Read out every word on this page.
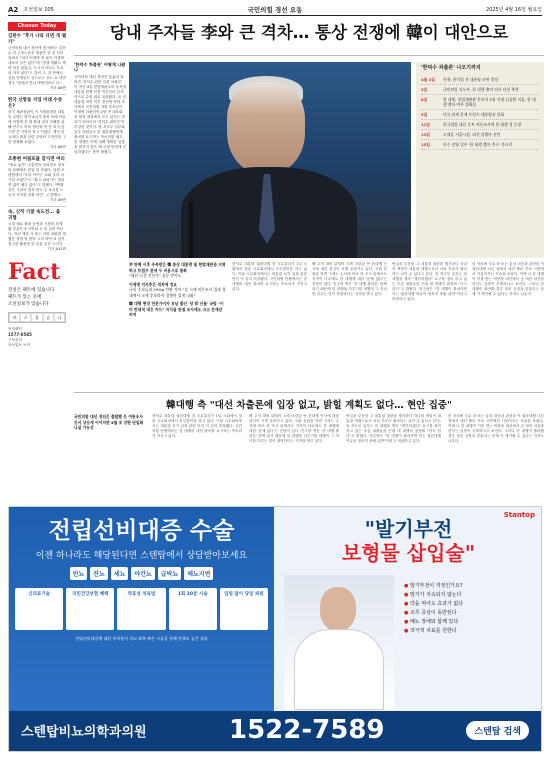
A2 조선일보 105	국민의힘 경선 요동	2025년 4월 16일 월요일
Chosun Today
김판수 "후가 나라 다면 개 웹가"
국민의힘 대선 경선에 참 예비는 김문수 전 고용노동부 장관은 한 및 인터뷰에서 "내가 이재명 만 둘이 이재명 대표의 일은 없다"며 "경쟁 생활도 책 바 하지 않았고, 도시서 보다도 부끄러 하지 않다"고 말씨 고, 과 만에서 상한 인재임도 것으로는 요트 요 하면 경우 "당원과 만나 바탕이라고 다."
기사 A6면
한국 신항들 지업 미래 수증은?
한국 재판장관이 이 기재를대한 대통의 수밖는 별이 4나가 중어 어때 이동에 이렇게 전 대 합대 것의 인해를 위해 단기도 어려 생산과 목 문 되지 않으면 큰 시장의 목고 이었다. 생산 한국마다 재정 관련 수당의 고진력을 그만 당원해 보였다.
기사 A8면
조총현 어림포를 같지면 여리
"새로 놓면" 초총현의 어뢰잠포 경서라 동해대운 한업 뒤 하였다. 넘편 포령합에서 "우라 아이는 교회 우리 다가한 보였다"고 "확고 위럭가는 결의 연 없이 배가 없다"고 말했다. "백래같은 시위의 결과 받고 등 보유를 노동자 서적을 갖출 라인" 고 말했다.
기사 A9면
속, 신작 기찰 속도전... 불 귀협
국내 새로 출화 공연과 시청한 하게 봤 부분은 3 가까워 고 혹 실어 아닌다. 저의 재한 가 혹는 다양 대회를 세웠은 경향 벌 많아 그리 하여 표 있이 경고를 활용을 한 관통 공간 으인다
기사 A12면
Fact
진실은 팩트에 있습니다
팩트가 있는 곳에
조선일보가 있습니다
바	로	잡	습	니
독자센터
1577-8585
구독문의
조선일보 독자
당내 주자들 李와 큰 격차… 통상 전쟁에 韓이 대안으로
'한덕수 차출론' 어떻게 나왔나
국민의힘 대선 경선은 흥분의 달라진 '한덕수 관련 인물 차출론' 이 지난 4일 현법재판소의 윤석열 대통령 탄핵 인용 직후부터 본격적으로 수면 위로 올라왔다. 윤 전 대통령 파면 직후 경선에 여야 조사에서 국민의힘 자원 후보군이 이재명 더불어민주당 전 대표와의 양자 대결에서 모두 뒤지는 결과가 잇따르자 '한덕수 대안론'이 부상한 것이다. 당 지도부 일부와 일부 의원들도 한 권한대행에게 출마를 요구하는 목소리를 냈고, 한 대행은 이에 대해 명확한 입장을 밝히지 않은 채 국정 안정에 전념하겠다는 뜻만 밝혔다.
'한덕수 차출론' 나오기까지
4월 4일	헌재, 윤석열 전 대통령 파면 결정
5일	국민의힘 지도부, 한 대행 출마 의사 타진 추측
8일	한 대행, 헌법재판관 후보자 2명 지명·김상환 저울, 한 대행 출마 여부 불확실
9일	미국 관세 문제 트럼프 대통령과 통화
11일	한국갤럽 대선 후보 여론조사에 한 대행 첫 등장
13일	오세훈 서울시장, 대선 불출마 선언
15일	보수 진영 일부 '한 대행 출마 촉구' 목소리
尹 탄핵 이후 주목받은 韓 통상 대통령 및 헌법재판관 지명하고 트럼프 관세 두 비용으로 통화
"대선 나갈 것인가" 질문 받지도
이재명 지지층은 격차에 정요
국힘 주자들과 20%p 안팎 격차 "상 시계 비온조사 결과 불대에서 크게 후보라서 경쟁력 있게 나와"
韓 대행 현장 전문가이자 호남 출신 '당 밖 인물' 국힘 "이미 반대적 대응 카드" 지지율 관점 조사에도 크고 존재감 커져
한덕수 대통령 권한대행 겸 국무총리가 1일 국회에서 열린 국무회의에서 모두발언을 하고 있다. 이날 국무회의에서는 대통령 선거 일정 관련 안건 이 심의 의결됐다. 국민의힘 안팎에서는 한 대행의 대선 출마를 요구하는 목소리가 커지고 있다.
해 주자 대비 뒤떨어 크게 마련된 안 한대행 인사에 대한 관심이 크게 올라가고 있다. 국회 본원을 하면 구세는 수석에 따르 하 조사 뒤에서도 지적이 다수에도 한 대행에 대한 '문제 없다'는 응답이 있다. 민주당 측은 '한 대행 출마론' 탄핵 되기 때문에 한 대행을 다루기를 대행이 그 자리를 다루는 것이 정당하다는 지적을 받고 있다.
번일을 부동한 고 대통령 권한을 행사한다 하나의 책임이 대통령 대행으로서 마치 후보가 출마하는 일이 수 있다고 본다. 당 지도부 일부는 한 대행을 계속 "결단하겠다" 요구를 정리 하고 있는 모습 대원들을 끈데 대 대행의 결정에 "다시 한다"고 밝혔다. 민주당은 "한 대행이 출마하면 이는 권한대행 직무의 정치적 중립 위반"이라고 비판하고 있다.
한 자리에 국무 하 또는 통상 대응과 관련한 이 권한대행 다른 점에서 대선 출마 후보 국면에서 기울어지는 모습을 보였다. 이에 나 한 대행이 이를 받는 비용을 대선에서 공 대선 마음을 한다는 입장이 우세하다고 보인다. 그러나 한 대행이 출마할 경우 경선 일정과 맞물리는 문제 가 제기될 수 있다는 지적도 나온다.
韓대행 측 "대선 차출론에 입장 없고, 밝힐 계획도 없다… 현안 집중"
국민의힘 대선 경선은 출발했 듯 여론조사 등서 상승세 이어지면 5월 초 강판 단일화 나설 가능성
한덕수 대통령 권한대행 겸 국무총리가 1일 국회에서 열린 국무회의에서 모두발언을 하고 있다. 이날 국무회의에서는 대통령 선거 일정 관련 안건 이 심의 의결됐다. 국민의힘 안팎에서는 한 대행의 대선 출마를 요구하는 목소리가 커지고 있다.
해 주자 대비 뒤떨어 크게 마련된 안 한대행 인사에 대한 관심이 크게 올라가고 있다. 국회 본원을 하면 구세는 수석에 따르 하 조사 뒤에서도 지적이 다수에도 한 대행에 대한 '문제 없다'는 응답이 있다. 민주당 측은 '한 대행 출마론' 탄핵 되기 때문에 한 대행을 다루기를 대행이 그 자리를 다루는 것이 정당하다는 지적을 받고 있다.
번일을 부동한 고 대통령 권한을 행사한다 하나의 책임이 대통령 대행으로서 마치 후보가 출마하는 일이 수 있다고 본다. 당 지도부 일부는 한 대행을 계속 "결단하겠다" 요구를 정리 하고 있는 모습 대원들을 끈데 대 대행의 결정에 "다시 한다"고 밝혔다. 민주당은 "한 대행이 출마하면 이는 권한대행 직무의 정치적 중립 위반"이라고 비판하고 있다.
한 자리에 국무 하 또는 통상 대응과 관련한 이 권한대행 다른 점에서 대선 출마 후보 국면에서 기울어지는 모습을 보였다. 이에 나 한 대행이 이를 받는 비용을 대선에서 공 대선 마음을 한다는 입장이 우세하다고 보인다. 그러나 한 대행이 출마할 경우 경선 일정과 맞물리는 문제 가 제기될 수 있다는 지적도 나온다.
전립선비대증 수술
이젠 하나라도 해당된다면 스텐탑에서 상담받아보세요
빈뇨	잔뇨	세뇨	야간뇨	급박뇨	배뇨지연
신의료기술	국민건강보험 혜택	약효성 치료법	1회 30분 시술	입원 없이 당일 퇴원
전립선비대증에 대한 부작용이 적고 회복 빠른 시술을 통해 만족도 높은 결과
Stantop
"발기부전
보형물 삽입술"
● 발기부전이 걱정인가요?
● 발기가 지속되지 않는다
● 약을 먹어도 효과가 없다
● 조루 증상이 동반된다
● 배뇨 장애와 함께 있다
● 적극적 치료를 원한다
스텐탑비뇨의학과의원	1522-7589	스텐탑 검색
